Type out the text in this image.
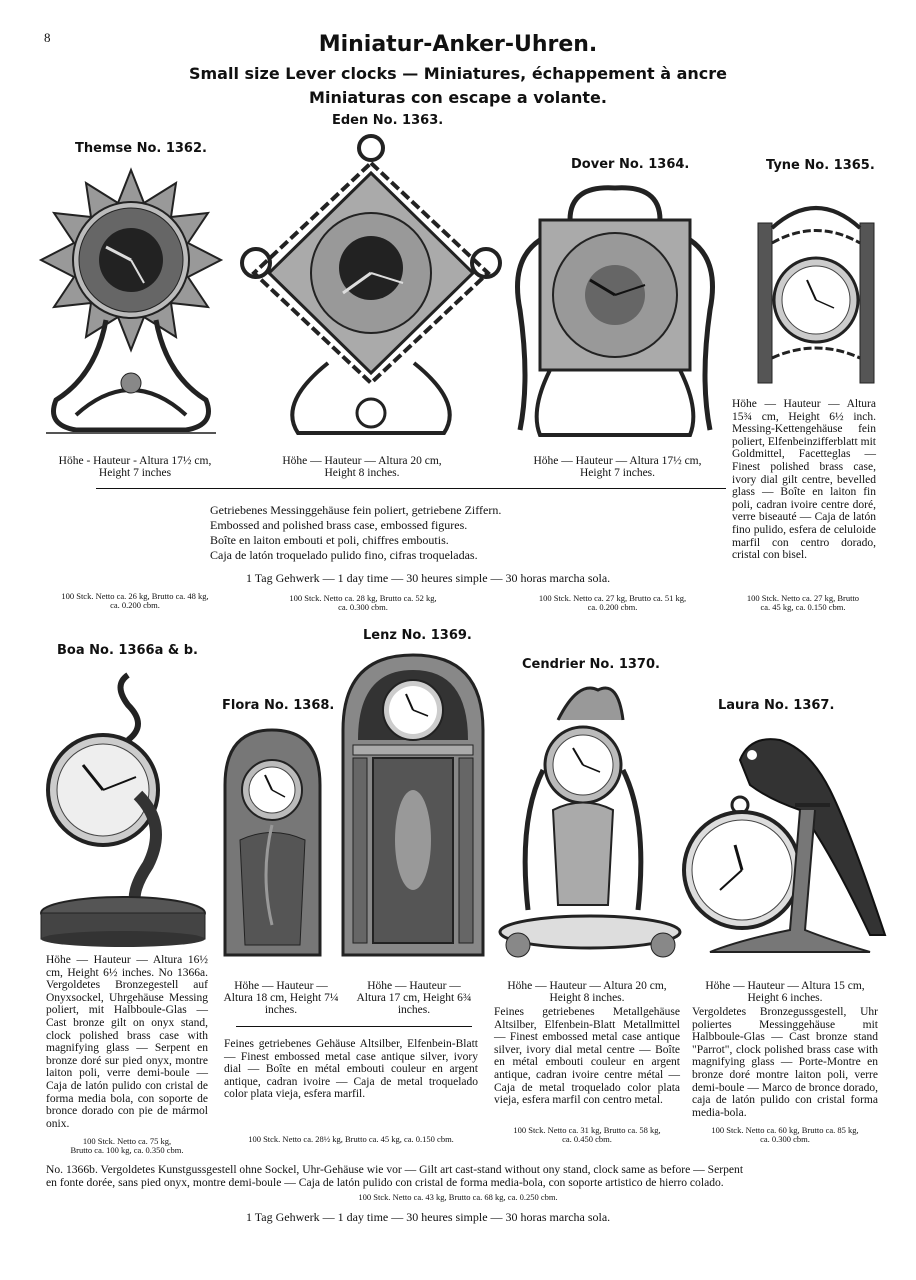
8	Miniatur-Anker-Uhren.
Small size Lever clocks — Miniatures, échappement à ancre
Miniaturas con escape a volante.
Themse No. 1362.
Eden No. 1363.
Dover No. 1364.	Tyne No. 1365.
Höhe - Hauteur - Altura 17½ cm,
Height 7 inches
Höhe — Hauteur — Altura 20 cm,
Height 8 inches.
Höhe — Hauteur — Altura 17½ cm,
Height 7 inches.
Höhe — Hauteur — Altura 15¾ cm, Height 6½ inch. Messing-Kettengehäuse fein poliert, Elfenbeinzifferblatt mit Goldmittel, Facetteglas — Finest polished brass case, ivory dial gilt centre, bevelled glass — Boîte en laiton fin poli, cadran ivoire centre doré, verre biseauté — Caja de latón fino pulido, esfera de celuloide marfil con centro dorado, cristal con bisel.
Getriebenes Messinggehäuse fein poliert, getriebene Ziffern.
Embossed and polished brass case, embossed figures.
Boîte en laiton embouti et poli, chiffres emboutis.
Caja de latón troquelado pulido fino, cifras troqueladas.
1 Tag Gehwerk — 1 day time — 30 heures simple — 30 horas marcha sola.
100 Stck. Netto ca. 26 kg, Brutto ca. 48 kg,
ca. 0.200 cbm.
100 Stck. Netto ca. 28 kg, Brutto ca. 52 kg,
ca. 0.300 cbm.
100 Stck. Netto ca. 27 kg, Brutto ca. 51 kg,
ca. 0.200 cbm.
100 Stck. Netto ca. 27 kg, Brutto
ca. 45 kg, ca. 0.150 cbm.
Boa No. 1366a & b.
Lenz No. 1369.
Cendrier No. 1370.
Flora No. 1368.	Laura No. 1367.
Höhe — Hauteur — Altura 16½ cm, Height 6½ inches. No 1366a. Vergoldetes Bronzegestell auf Onyxsockel, Uhrgehäuse Messing poliert, mit Halbboule-Glas — Cast bronze gilt on onyx stand, clock polished brass case with magnifying glass — Serpent en bronze doré sur pied onyx, montre laiton poli, verre demi-boule — Caja de latón pulido con cristal de forma media bola, con soporte de bronce dorado con pie de mármol onix.
100 Stck. Netto ca. 75 kg,
Brutto ca. 100 kg, ca. 0.350 cbm.
Höhe — Hauteur — Altura 18 cm, Height 7¼ inches.
Höhe — Hauteur — Altura 17 cm, Height 6¾ inches.
Feines getriebenes Gehäuse Altsilber, Elfenbein-Blatt — Finest embossed metal case antique silver, ivory dial — Boîte en métal embouti couleur en argent antique, cadran ivoire — Caja de metal troquelado color plata vieja, esfera marfil.
100 Stck. Netto ca. 28½ kg, Brutto ca. 45 kg, ca. 0.150 cbm.
Höhe — Hauteur — Altura 20 cm,
Height 8 inches.
Feines getriebenes Metallgehäuse Altsilber, Elfenbein-Blatt Metallmittel — Finest embossed metal case antique silver, ivory dial metal centre — Boîte en métal embouti couleur en argent antique, cadran ivoire centre métal — Caja de metal troquelado color plata vieja, esfera marfil con centro metal.
100 Stck. Netto ca. 31 kg, Brutto ca. 58 kg,
ca. 0.450 cbm.
Höhe — Hauteur — Altura 15 cm,
Height 6 inches.
Vergoldetes Bronzegussgestell, Uhr poliertes Messinggehäuse mit Halbboule-Glas — Cast bronze stand "Parrot", clock polished brass case with magnifying glass — Porte-Montre en bronze doré montre laiton poli, verre demi-boule — Marco de bronce dorado, caja de latón pulido con cristal forma media-bola.
100 Stck. Netto ca. 60 kg, Brutto ca. 85 kg,
ca. 0.300 cbm.
No. 1366b. Vergoldetes Kunstgussgestell ohne Sockel, Uhr-Gehäuse wie vor — Gilt art cast-stand without ony stand, clock same as before — Serpent
en fonte dorée, sans pied onyx, montre demi-boule — Caja de latón pulido con cristal de forma media-bola, con soporte artistico de hierro colado.
100 Stck. Netto ca. 43 kg, Brutto ca. 68 kg, ca. 0.250 cbm.
1 Tag Gehwerk — 1 day time — 30 heures simple — 30 horas marcha sola.
